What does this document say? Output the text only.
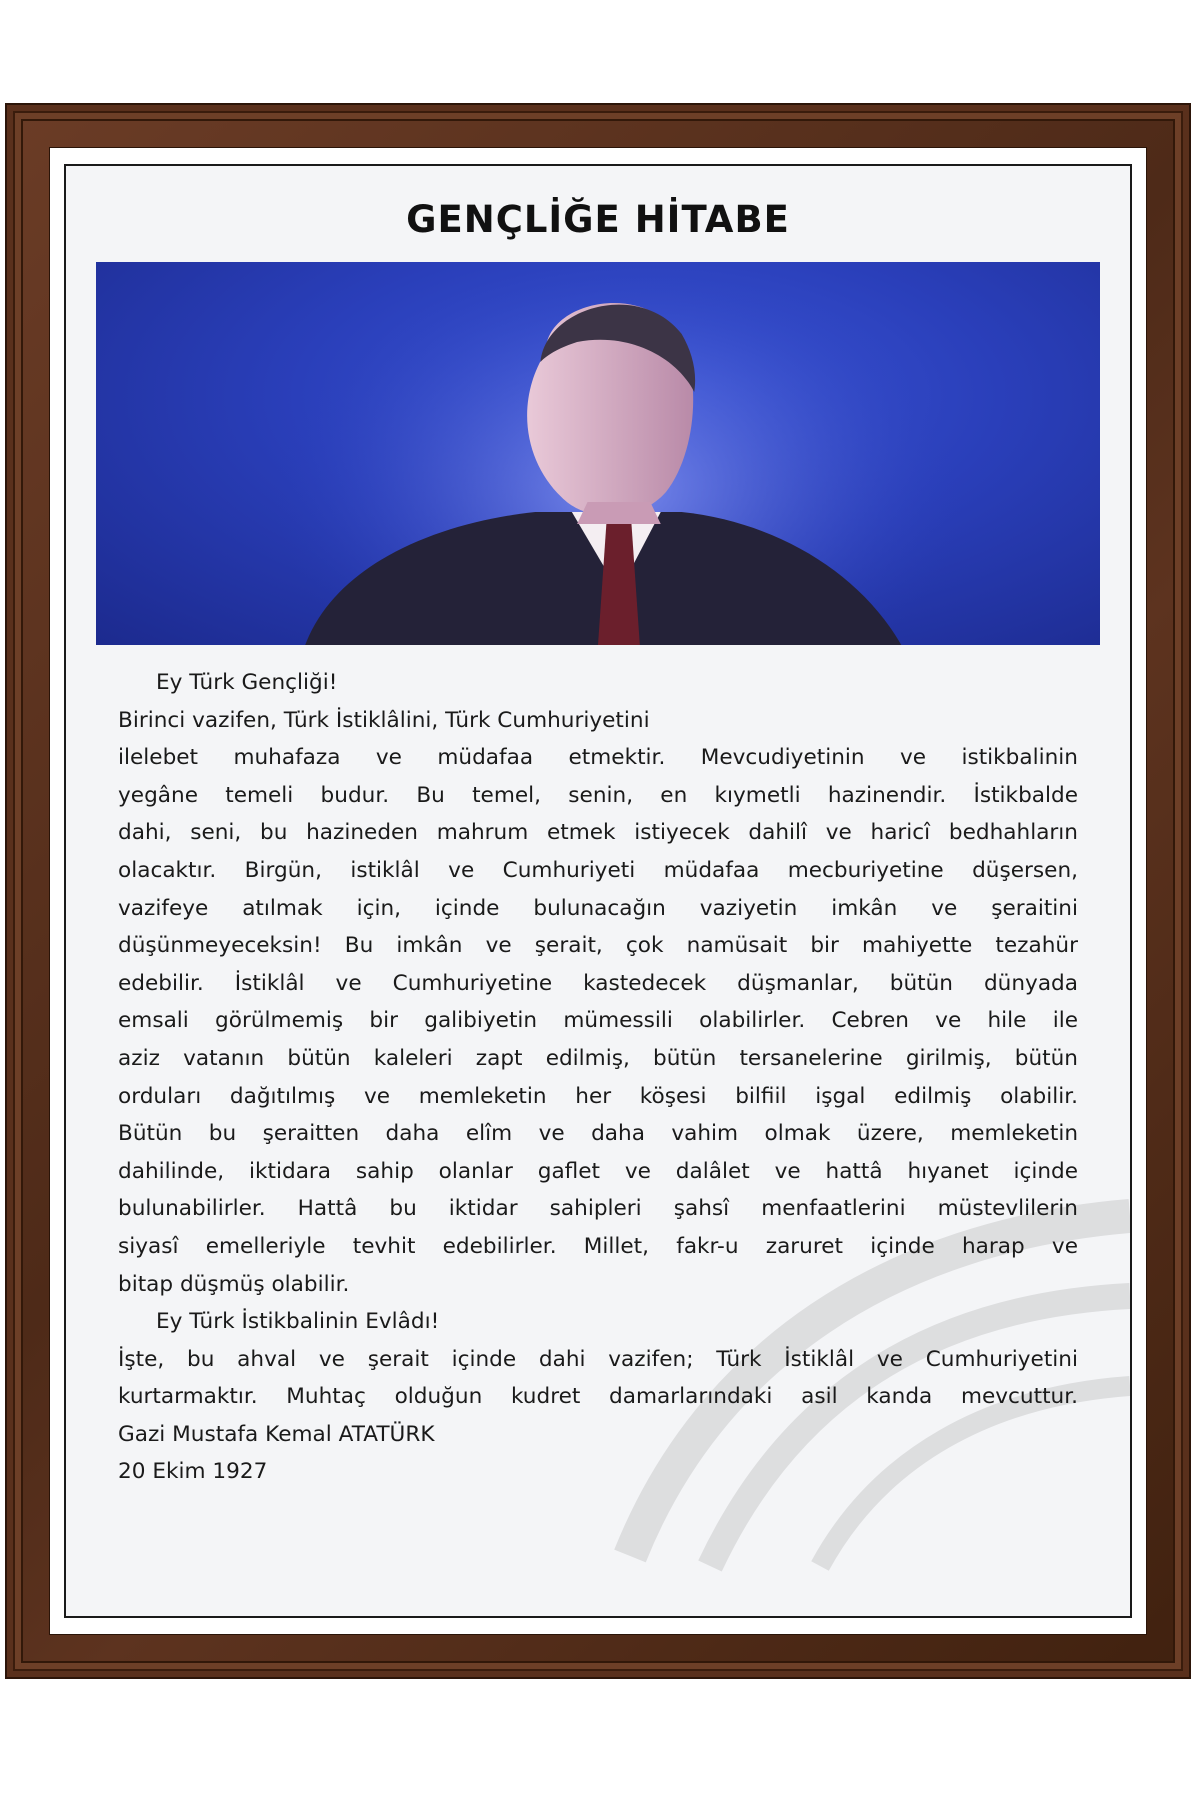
GENÇLİĞE HİTABE
Ey Türk Gençliği!
Birinci vazifen, Türk İstiklâlini, Türk Cumhuriyetini
ilelebet muhafaza ve müdafaa etmektir. Mevcudiyetinin ve istikbalinin
yegâne temeli budur. Bu temel, senin, en kıymetli hazinendir. İstikbalde
dahi, seni, bu hazineden mahrum etmek istiyecek dahilî ve haricî bedhahların
olacaktır. Birgün, istiklâl ve Cumhuriyeti müdafaa mecburiyetine düşersen,
vazifeye atılmak için, içinde bulunacağın vaziyetin imkân ve şeraitini
düşünmeyeceksin! Bu imkân ve şerait, çok namüsait bir mahiyette tezahür
edebilir. İstiklâl ve Cumhuriyetine kastedecek düşmanlar, bütün dünyada
emsali görülmemiş bir galibiyetin mümessili olabilirler. Cebren ve hile ile
aziz vatanın bütün kaleleri zapt edilmiş, bütün tersanelerine girilmiş, bütün
orduları dağıtılmış ve memleketin her köşesi bilfiil işgal edilmiş olabilir.
Bütün bu şeraitten daha elîm ve daha vahim olmak üzere, memleketin
dahilinde, iktidara sahip olanlar gaflet ve dalâlet ve hattâ hıyanet içinde
bulunabilirler. Hattâ bu iktidar sahipleri şahsî menfaatlerini müstevlilerin
siyasî emelleriyle tevhit edebilirler. Millet, fakr-u zaruret içinde harap ve
bitap düşmüş olabilir.
Ey Türk İstikbalinin Evlâdı!
İşte, bu ahval ve şerait içinde dahi vazifen; Türk İstiklâl ve Cumhuriyetini
kurtarmaktır. Muhtaç olduğun kudret damarlarındaki asil kanda mevcuttur.
Gazi Mustafa Kemal ATATÜRK
20 Ekim 1927
